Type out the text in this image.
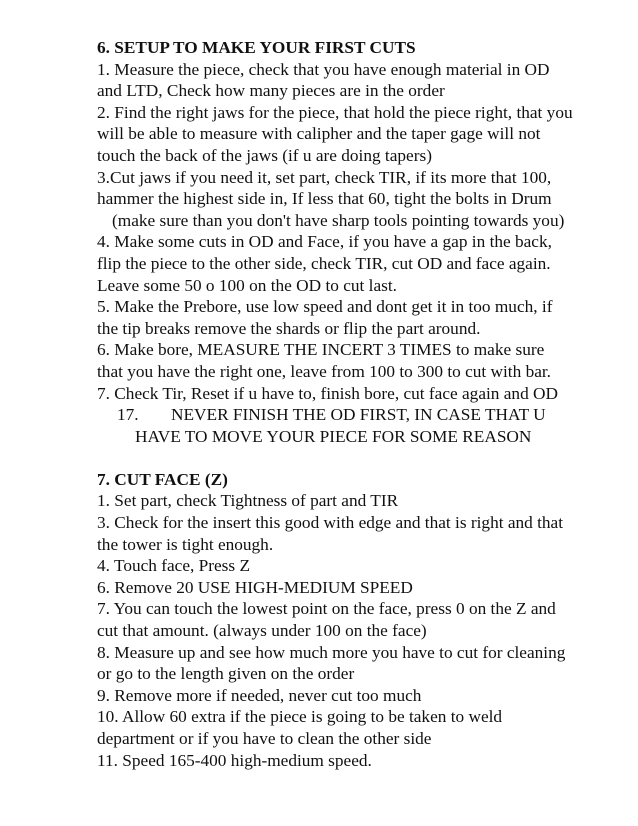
6. SETUP TO MAKE YOUR FIRST CUTS

1. Measure the piece, check that you have enough material in OD

and LTD, Check how many pieces are in the order

2. Find the right jaws for the piece, that hold the piece right, that you

will be able to measure with calipher and the taper gage will not

touch the back of the jaws (if u are doing tapers)

3.Cut jaws if you need it, set part, check TIR, if its more that 100,

hammer the highest side in, If less that 60, tight the bolts in Drum

(make sure than you don't have sharp tools pointing towards you)

4. Make some cuts in OD and Face, if you have a gap in the back,

flip the piece to the other side, check TIR, cut OD and face again.

Leave some 50 o 100 on the OD to cut last.

5. Make the Prebore, use low speed and dont get it in too much, if

the tip breaks remove the shards or flip the part around.

6. Make bore, MEASURE THE INCERT 3 TIMES to make sure

that you have the right one, leave from 100 to 300 to cut with bar.

7. Check Tir, Reset if u have to, finish bore, cut face again and OD

17. NEVER FINISH THE OD FIRST, IN CASE THAT U

HAVE TO MOVE YOUR PIECE FOR SOME REASON

7. CUT FACE (Z)

1. Set part, check Tightness of part and TIR

3. Check for the insert this good with edge and that is right and that

the tower is tight enough.

4. Touch face, Press Z

6. Remove 20 USE HIGH-MEDIUM SPEED

7. You can touch the lowest point on the face, press 0 on the Z and

cut that amount. (always under 100 on the face)

8. Measure up and see how much more you have to cut for cleaning

or go to the length given on the order

9. Remove more if needed, never cut too much

10. Allow 60 extra if the piece is going to be taken to weld

department or if you have to clean the other side

11. Speed 165-400 high-medium speed.
